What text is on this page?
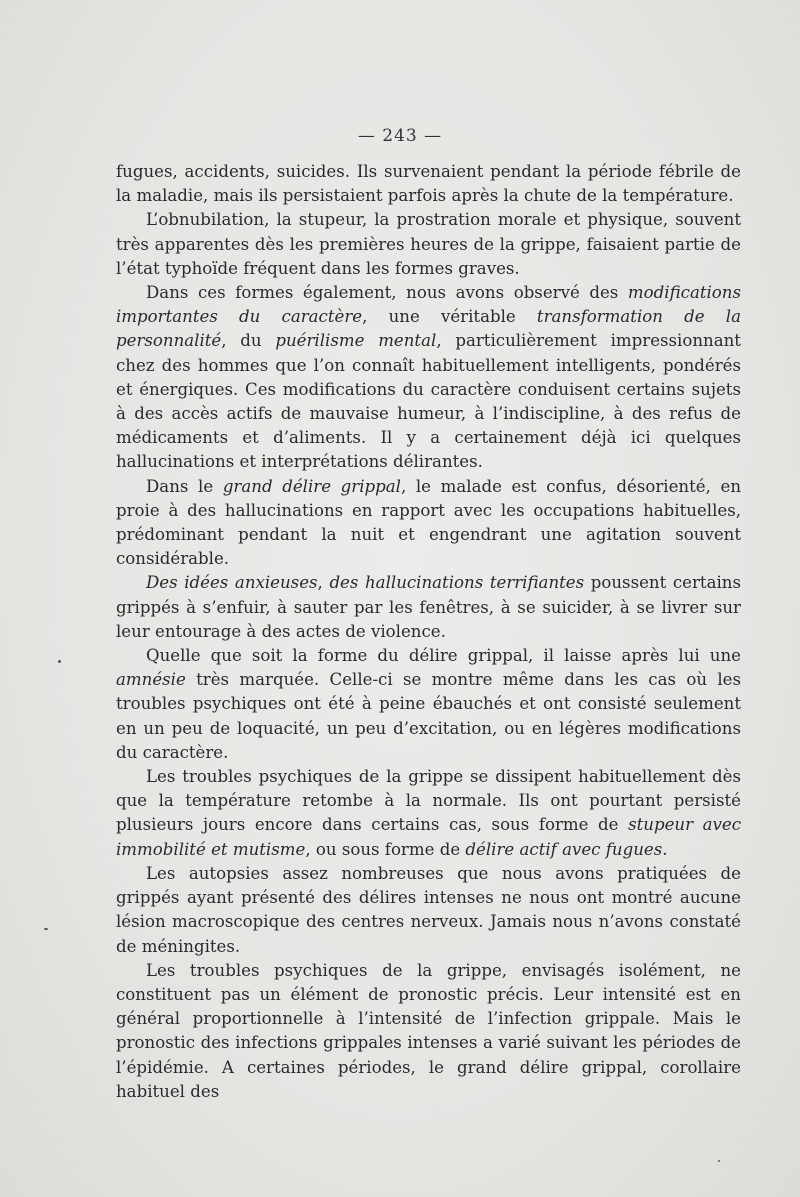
— 243 —

fugues, accidents, suicides. Ils survenaient pendant la période fébrile de la maladie, mais ils persistaient parfois après la chute de la température.

L’obnubilation, la stupeur, la prostration morale et physique, souvent très apparentes dès les premières heures de la grippe, faisaient partie de l’état typhoïde fréquent dans les formes graves.

Dans ces formes également, nous avons observé des modifications importantes du caractère, une véritable transformation de la personnalité, du puérilisme mental, particulièrement impressionnant chez des hommes que l’on connaît habituellement intelligents, pondérés et énergiques. Ces modifications du caractère conduisent certains sujets à des accès actifs de mauvaise humeur, à l’indiscipline, à des refus de médicaments et d’aliments. Il y a certainement déjà ici quelques hallucinations et interprétations délirantes.

Dans le grand délire grippal, le malade est confus, désorienté, en proie à des hallucinations en rapport avec les occupations habituelles, prédominant pendant la nuit et engendrant une agitation souvent considérable.

Des idées anxieuses, des hallucinations terrifiantes poussent certains grippés à s’enfuir, à sauter par les fenêtres, à se suicider, à se livrer sur leur entourage à des actes de violence.

Quelle que soit la forme du délire grippal, il laisse après lui une amnésie très marquée. Celle-ci se montre même dans les cas où les troubles psychiques ont été à peine ébauchés et ont consisté seulement en un peu de loquacité, un peu d’excitation, ou en légères modifications du caractère.

Les troubles psychiques de la grippe se dissipent habituellement dès que la température retombe à la normale. Ils ont pourtant persisté plusieurs jours encore dans certains cas, sous forme de stupeur avec immobilité et mutisme, ou sous forme de délire actif avec fugues.

Les autopsies assez nombreuses que nous avons pratiquées de grippés ayant présenté des délires intenses ne nous ont montré aucune lésion macroscopique des centres nerveux. Jamais nous n’avons constaté de méningites.

Les troubles psychiques de la grippe, envisagés isolément, ne constituent pas un élément de pronostic précis. Leur intensité est en général proportionnelle à l’intensité de l’infection grippale. Mais le pronostic des infections grippales intenses a varié suivant les périodes de l’épidémie. A certaines périodes, le grand délire grippal, corollaire habituel des
